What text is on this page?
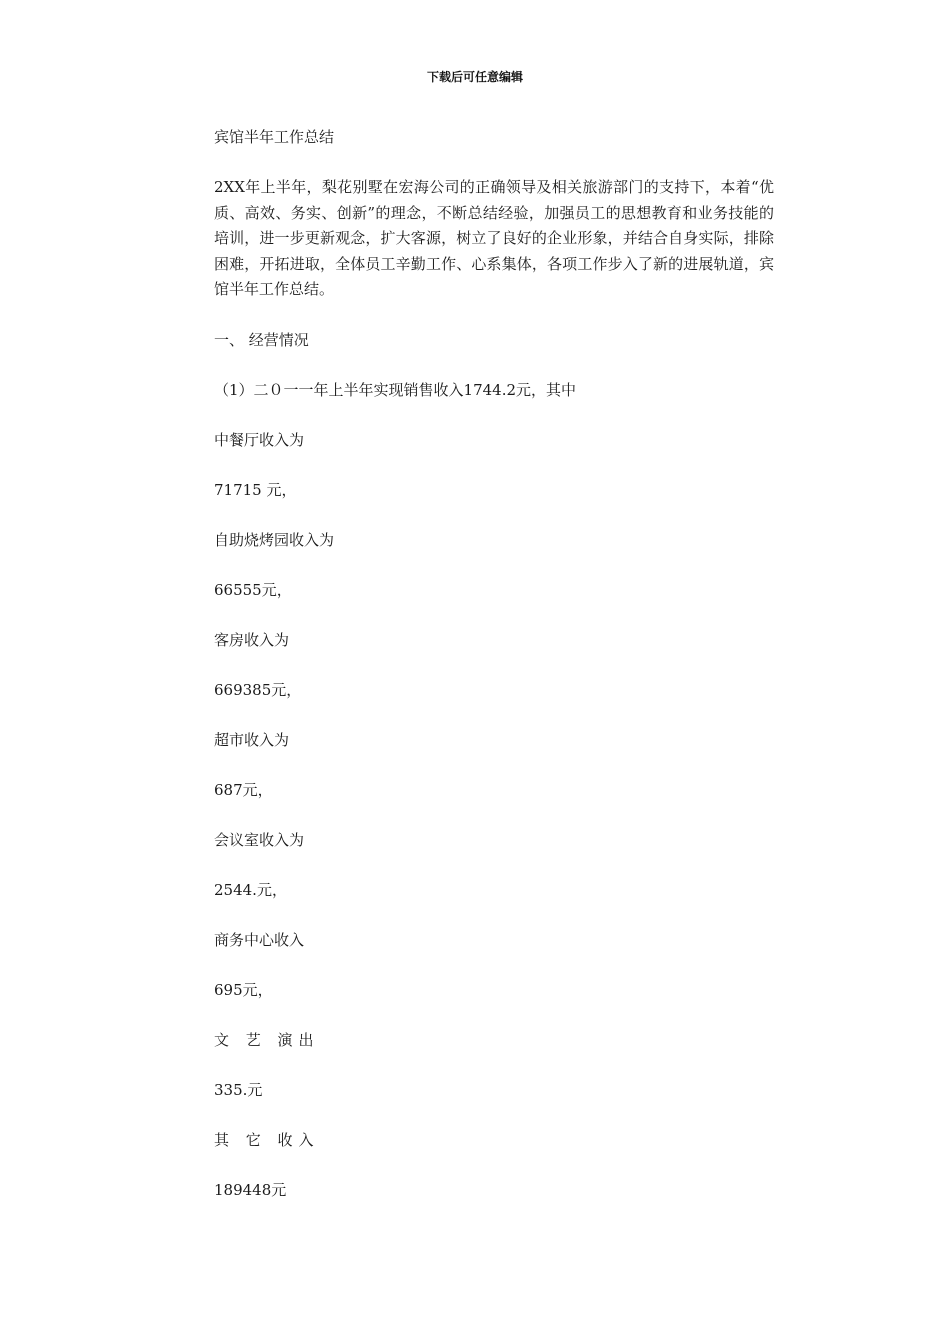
下载后可任意编辑
宾馆半年工作总结

2XX年上半年，梨花别墅在宏海公司的正确领导及相关旅游部门的支持下，本着“优质、高效、务实、创新”的理念，不断总结经验，加强员工的思想教育和业务技能的培训，进一步更新观念，扩大客源，树立了良好的企业形象，并结合自身实际，排除困难，开拓进取，全体员工辛勤工作、心系集体，各项工作步入了新的进展轨道，宾馆半年工作总结。

一、 经营情况
（1）二０一一年上半年实现销售收入1744.2元，其中
中餐厅收入为
71715 元，
自助烧烤园收入为
66555元，
客房收入为
669385元，
超市收入为
687元，
会议室收入为
2544.元，
商务中心收入
695元，
文 艺 演出
335.元
其 它 收入
189448元
